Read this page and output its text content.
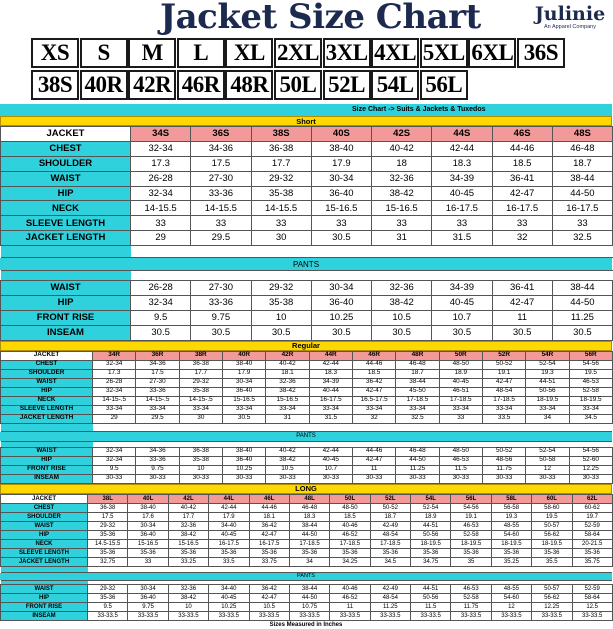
Jacket Size Chart	Julinie
An Apparel Company
XS	S	M	L	XL 2XL 3XL 4XL 5XL 6XL 36S
38S 40R 42R 46R 48R 50L 52L 54L 56L
Size Chart -> Suits & Jackets & Tuxedos
Short
JACKET	34S	36S	38S	40S	42S	44S	46S	48S
CHEST	32-34	34-36	36-38	38-40	40-42	42-44	44-46	46-48
SHOULDER	17.3	17.5	17.7	17.9	18	18.3	18.5	18.7
WAIST	26-28	27-30	29-32	30-34	32-36	34-39	36-41	38-44
HIP	32-34	33-36	35-38	36-40	38-42	40-45	42-47	44-50
NECK	14-15.5	14-15.5	14-15.5	15-16.5	15-16.5	16-17.5	16-17.5	16-17.5
SLEEVE LENGTH	33	33	33	33	33	33	33	33
JACKET LENGTH	29	29.5	30	30.5	31	31.5	32	32.5

PANTS

WAIST	26-28	27-30	29-32	30-34	32-36	34-39	36-41	38-44
HIP	32-34	33-36	35-38	36-40	38-42	40-45	42-47	44-50
FRONT RISE	9.5	9.75	10	10.25	10.5	10.7	11	11.25
INSEAM	30.5	30.5	30.5	30.5	30.5	30.5	30.5	30.5
Regular
JACKET	34R	36R	38R	40R	42R	44R	46R	48R	50R	52R	54R	56R
CHEST	32-34	34-36	36-38	38-40	40-42	42-44	44-46	46-48	48-50	50-52	52-54	54-56
SHOULDER	17.3	17.5	17.7	17.9	18.1	18.3	18.5	18.7	18.9	19.1	19.3	19.5
WAIST	26-28	27-30	29-32	30-34	32-36	34-39	36-42	38-44	40-45	42-47	44-51	46-53
HIP	32-34	33-36	35-38	36-40	38-42	40-44	42-47	45-50	46-51	48-54	50-56	52-58
NECK	14-15-.5	14-15-.5	14-15-.5	15-16.5	15-16.5	16-17.5	16.5-17.5	17-18.5	17-18.5	17-18.5	18-19.5	18-19.5
SLEEVE LENGTH	33-34	33-34	33-34	33-34	33-34	33-34	33-34	33-34	33-34	33-34	33-34	33-34
JACKET LENGTH	29	29.5	30	30.5	31	31.5	32	32.5	33	33.5	34	34.5

PANTS

WAIST	32-34	34-36	36-38	38-40	40-42	42-44	44-46	46-48	48-50	50-52	52-54	54-56
HIP	32-34	33-36	35-38	36-40	38-42	40-45	42-47	44-50	46-53	48-56	50-58	52-60
FRONT RISE	9.5	9.75	10	10.25	10.5	10.7	11	11.25	11.5	11.75	12	12.25
INSEAM	30-33	30-33	30-33	30-33	30-33	30-33	30-33	30-33	30-33	30-33	30-33	30-33
LONG
JACKET	38L	40L	42L	44L	46L	48L	50L	52L	54L	56L	58L	60L	62L
CHEST	36-38	38-40	40-42	42-44	44-46	46-48	48-50	50-52	52-54	54-56	56-58	58-60	60-62
SHOULDER	17.5	17.6	17.7	17.9	18.1	18.3	18.5	18.7	18.9	19.1	19.3	19.5	19.7
WAIST	29-32	30-34	32-36	34-40	36-42	38-44	40-46	42-49	44-51	46-53	48-55	50-57	52-59
HIP	35-36	36-40	38-42	40-45	42-47	44-50	46-52	48-54	50-56	52-58	54-60	56-62	58-64
NECK	14.5-15.5	15-16.5	15-16.5	16-17.5	16-17.5	17-18.5	17-18.5	17-18.5	18-19.5	18-19.5	18-19.5	18-19.5	20-21.5
SLEEVE LENGTH	35-36	35-36	35-36	35-36	35-36	35-36	35-36	35-36	35-36	35-36	35-36	35-36	35-36
JACKET LENGTH	32.75	33	33.25	33.5	33.75	34	34.25	34.5	34.75	35	35.25	35.5	35.75

PANTS

WAIST	29-32	30-34	32-36	34-40	36-42	38-44	40-46	42-49	44-51	46-53	48-55	50-57	52-59
HIP	35-36	36-40	38-42	40-45	42-47	44-50	46-52	48-54	50-56	52-58	54-60	56-62	58-64
FRONT RISE	9.5	9.75	10	10.25	10.5	10.75	11	11.25	11.5	11.75	12	12.25	12.5
INSEAM	33-33.5	33-33.5	33-33.5	33-33.5	33-33.5	33-33.5	33-33.5	33-33.5	33-33.5	33-33.5	33-33.5	33-33.5	33-33.5
Sizes Measured in Inches
